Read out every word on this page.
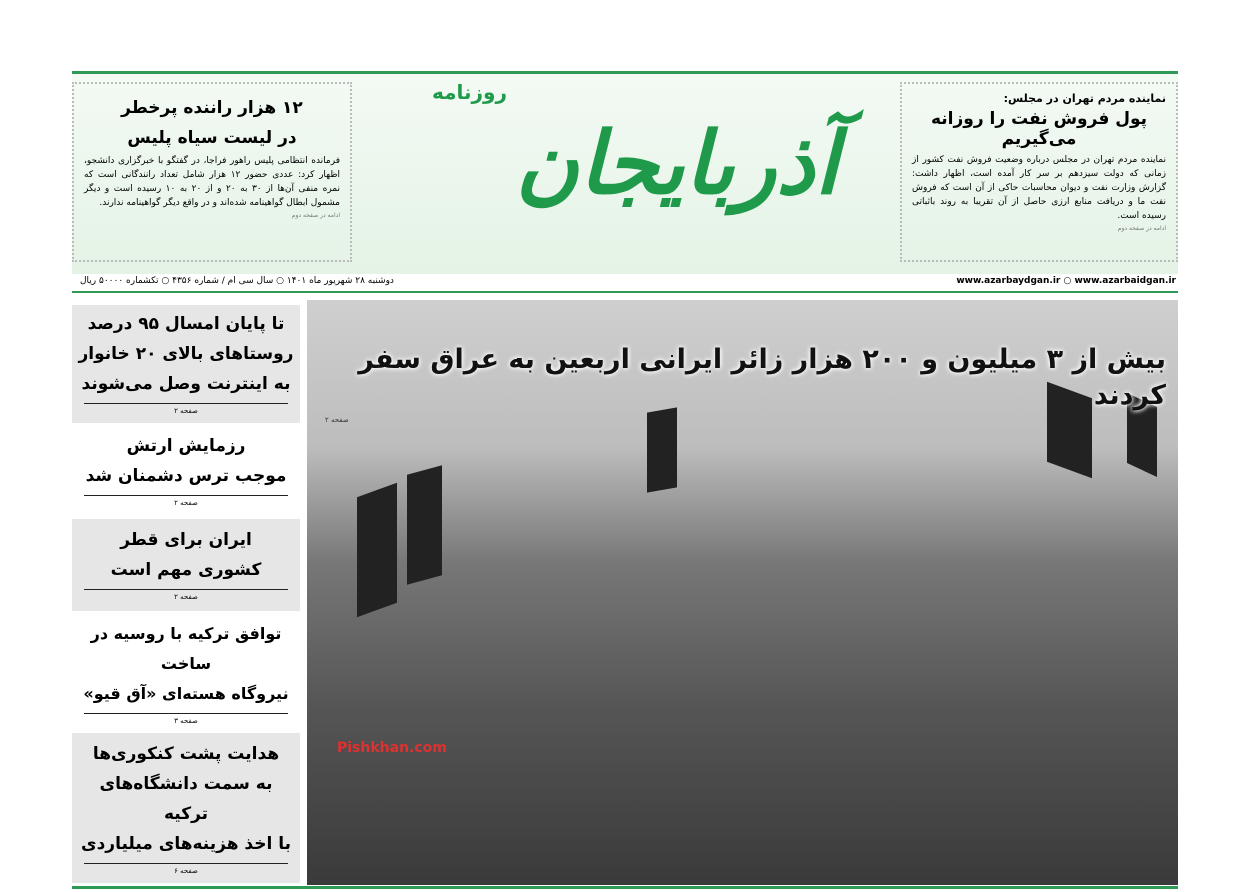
۱۲ هزار راننده پرخطر
در لیست سیاه پلیس

فرمانده انتظامی پلیس راهور فراجا، در گفتگو با خبرگزاری دانشجو، اظهار کرد: عددی حضور ۱۲ هزار شامل تعداد رانندگانی است که نمره منفی آن‌ها از ۳۰ به ۲۰ و از ۲۰ به ۱۰ رسیده است و دیگر مشمول ابطال گواهینامه شده‌اند و در واقع دیگر گواهینامه ندارند.

ادامه در صفحه دوم
آذربایجان
روزنامه	نماینده مردم تهران در مجلس:
پول فروش نفت را روزانه می‌گیریم

نماینده مردم تهران در مجلس درباره وضعیت فروش نفت کشور از زمانی که دولت سیزدهم بر سر کار آمده است، اظهار داشت: گزارش وزارت نفت و دیوان محاسبات حاکی از آن است که فروش نفت ما و دریافت منابع ارزی حاصل از آن تقریبا به روند باثباتی رسیده است.

ادامه در صفحه دوم
دوشنبه ۲۸ شهریور ماه ۱۴۰۱ ○ سال سی ام / شماره ۴۳۵۶ ○ تکشماره ۵۰۰۰۰ ریال	www.azarbaydgan.ir ○ www.azarbaidgan.ir
تا پایان امسال ۹۵ درصد
روستاهای بالای ۲۰ خانوار
به اینترنت وصل می‌شوند
صفحه ۲
رزمایش ارتش
موجب ترس دشمنان شد
صفحه ۲
ایران برای قطر
کشوری مهم است
صفحه ۲
توافق ترکیه با روسیه در ساخت
نیروگاه هسته‌ای «آق قیو»
صفحه ۳
هدایت پشت کنکوری‌ها
به سمت دانشگاه‌های ترکیه
با اخذ هزینه‌های میلیاردی
صفحه ۶
بیش از ۳ میلیون و ۲۰۰ هزار زائر ایرانی اربعین به عراق سفر کردند
صفحه ۲
Pishkhan.com
